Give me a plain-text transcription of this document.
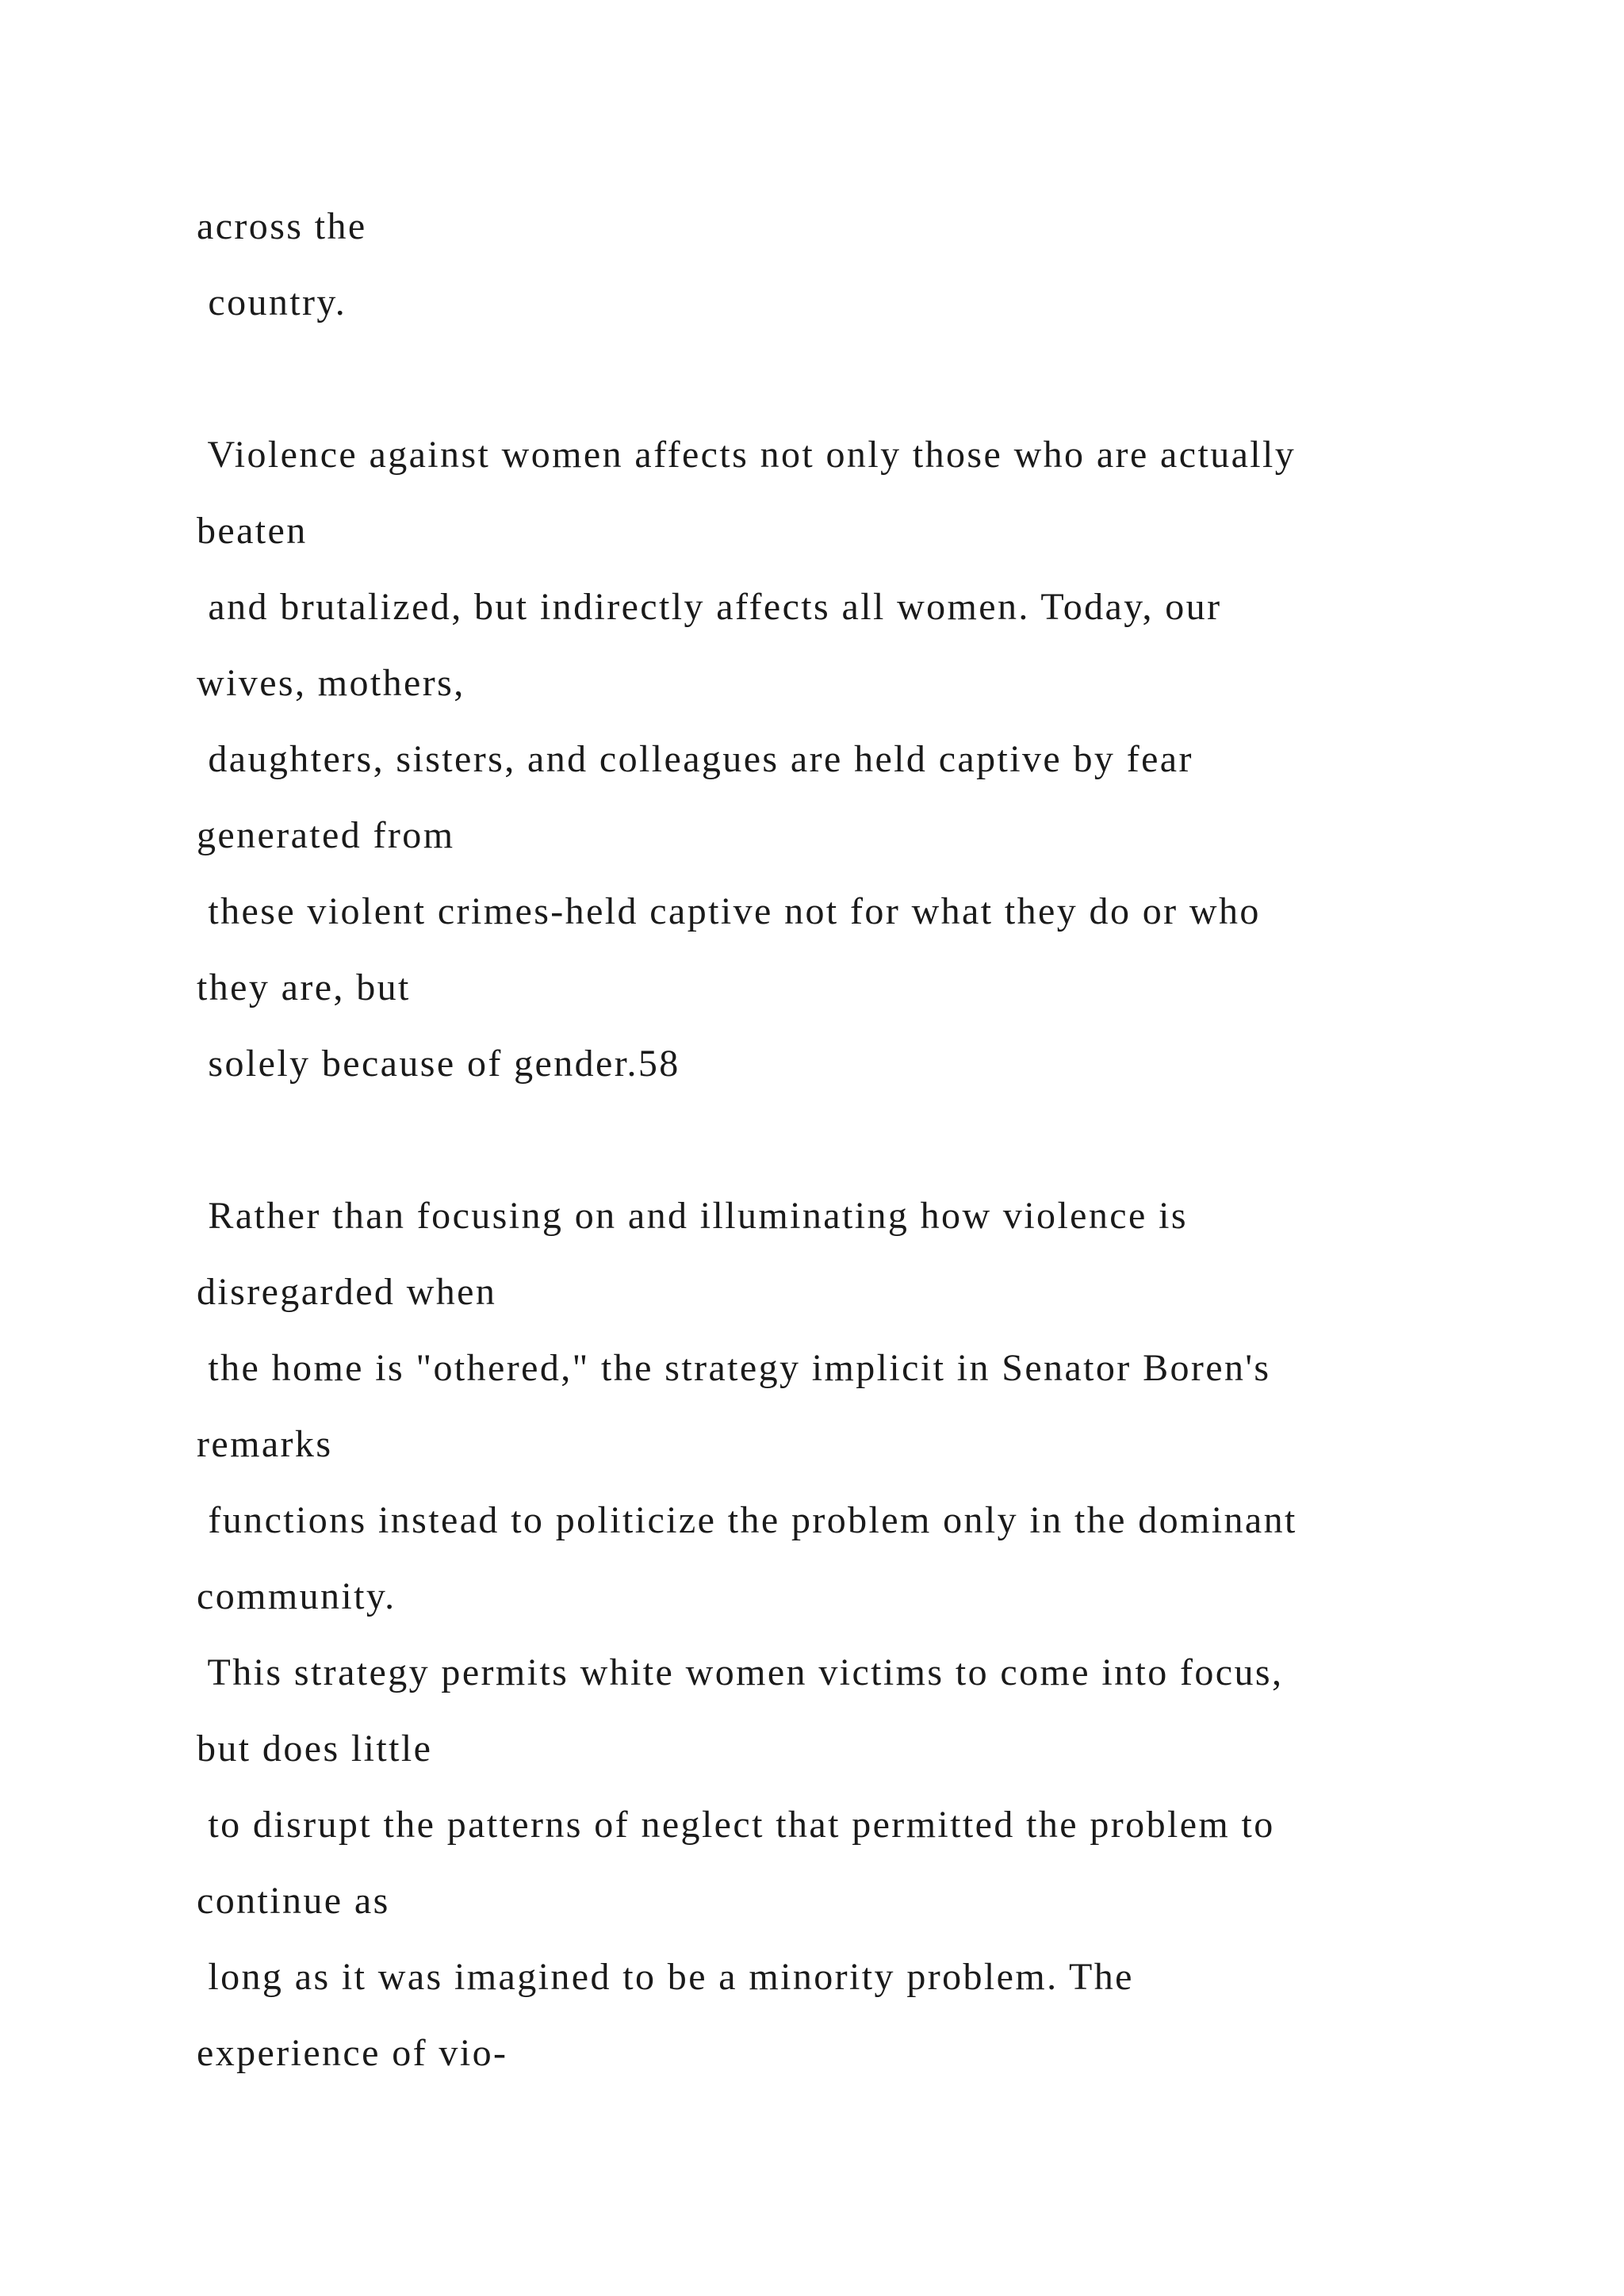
across the
country.
Violence against women affects not only those who are actually
beaten
and brutalized, but indirectly affects all women. Today, our
wives, mothers,
daughters, sisters, and colleagues are held captive by fear
generated from
these violent crimes-held captive not for what they do or who
they are, but
solely because of gender.58
Rather than focusing on and illuminating how violence is
disregarded when
the home is "othered," the strategy implicit in Senator Boren's
remarks
functions instead to politicize the problem only in the dominant
community.
This strategy permits white women victims to come into focus,
but does little
to disrupt the patterns of neglect that permitted the problem to
continue as
long as it was imagined to be a minority problem. The
experience of vio-
